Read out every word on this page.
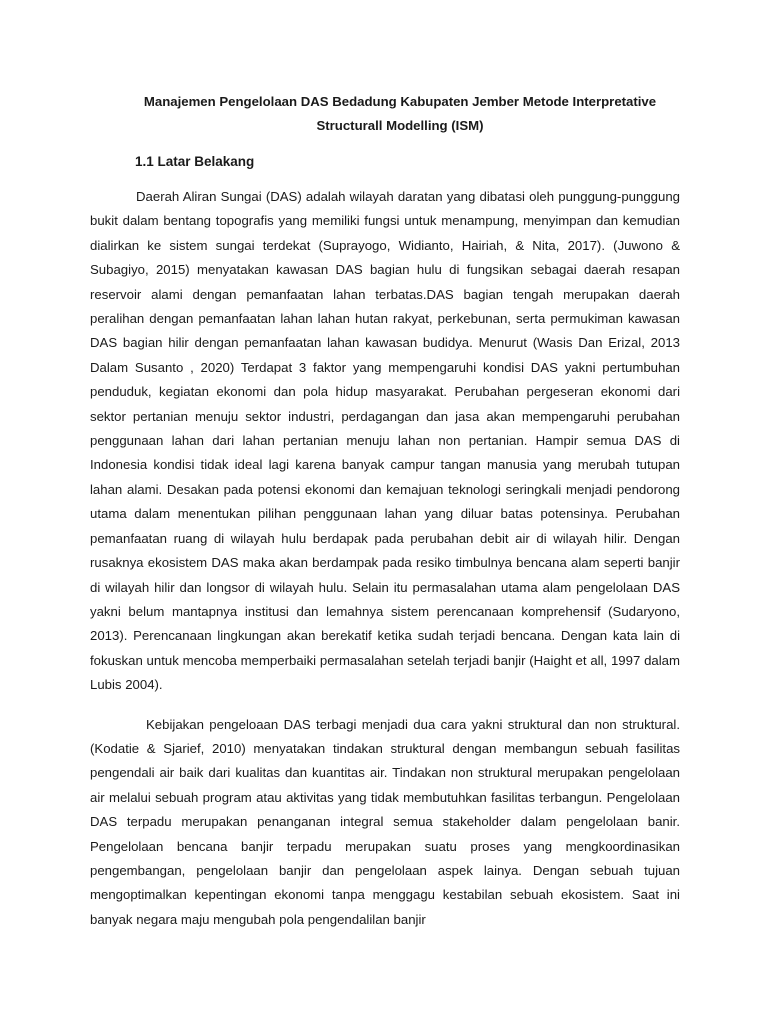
Manajemen Pengelolaan DAS Bedadung Kabupaten Jember Metode Interpretative
Structurall Modelling (ISM)
1.1 Latar Belakang

Daerah Aliran Sungai (DAS) adalah wilayah daratan yang dibatasi oleh punggung-punggung bukit dalam bentang topografis yang memiliki fungsi untuk menampung, menyimpan dan kemudian dialirkan ke sistem sungai terdekat (Suprayogo, Widianto, Hairiah, & Nita, 2017). (Juwono & Subagiyo, 2015) menyatakan kawasan DAS bagian hulu di fungsikan sebagai daerah resapan reservoir alami dengan pemanfaatan lahan terbatas.DAS bagian tengah merupakan daerah peralihan dengan pemanfaatan lahan lahan hutan rakyat, perkebunan, serta permukiman kawasan DAS bagian hilir dengan pemanfaatan lahan kawasan budidya. Menurut (Wasis Dan Erizal, 2013 Dalam Susanto , 2020) Terdapat 3 faktor yang mempengaruhi kondisi DAS yakni pertumbuhan penduduk, kegiatan ekonomi dan pola hidup masyarakat. Perubahan pergeseran ekonomi dari sektor pertanian menuju sektor industri, perdagangan dan jasa akan mempengaruhi perubahan penggunaan lahan dari lahan pertanian menuju lahan non pertanian. Hampir semua DAS di Indonesia kondisi tidak ideal lagi karena banyak campur tangan manusia yang merubah tutupan lahan alami. Desakan pada potensi ekonomi dan kemajuan teknologi seringkali menjadi pendorong utama dalam menentukan pilihan penggunaan lahan yang diluar batas potensinya. Perubahan pemanfaatan ruang di wilayah hulu berdapak pada perubahan debit air di wilayah hilir. Dengan rusaknya ekosistem DAS maka akan berdampak pada resiko timbulnya bencana alam seperti banjir di wilayah hilir dan longsor di wilayah hulu. Selain itu permasalahan utama alam pengelolaan DAS yakni belum mantapnya institusi dan lemahnya sistem perencanaan komprehensif (Sudaryono, 2013). Perencanaan lingkungan akan berekatif ketika sudah terjadi bencana. Dengan kata lain di fokuskan untuk mencoba memperbaiki permasalahan setelah terjadi banjir (Haight et all, 1997 dalam Lubis 2004).

Kebijakan pengeloaan DAS terbagi menjadi dua cara yakni struktural dan non struktural. (Kodatie & Sjarief, 2010) menyatakan tindakan struktural dengan membangun sebuah fasilitas pengendali air baik dari kualitas dan kuantitas air. Tindakan non struktural merupakan pengelolaan air melalui sebuah program atau aktivitas yang tidak membutuhkan fasilitas terbangun. Pengelolaan DAS terpadu merupakan penanganan integral semua stakeholder dalam pengelolaan banir. Pengelolaan bencana banjir terpadu merupakan suatu proses yang mengkoordinasikan pengembangan, pengelolaan banjir dan pengelolaan aspek lainya. Dengan sebuah tujuan mengoptimalkan kepentingan ekonomi tanpa menggagu kestabilan sebuah ekosistem. Saat ini banyak negara maju mengubah pola pengendalilan banjir
